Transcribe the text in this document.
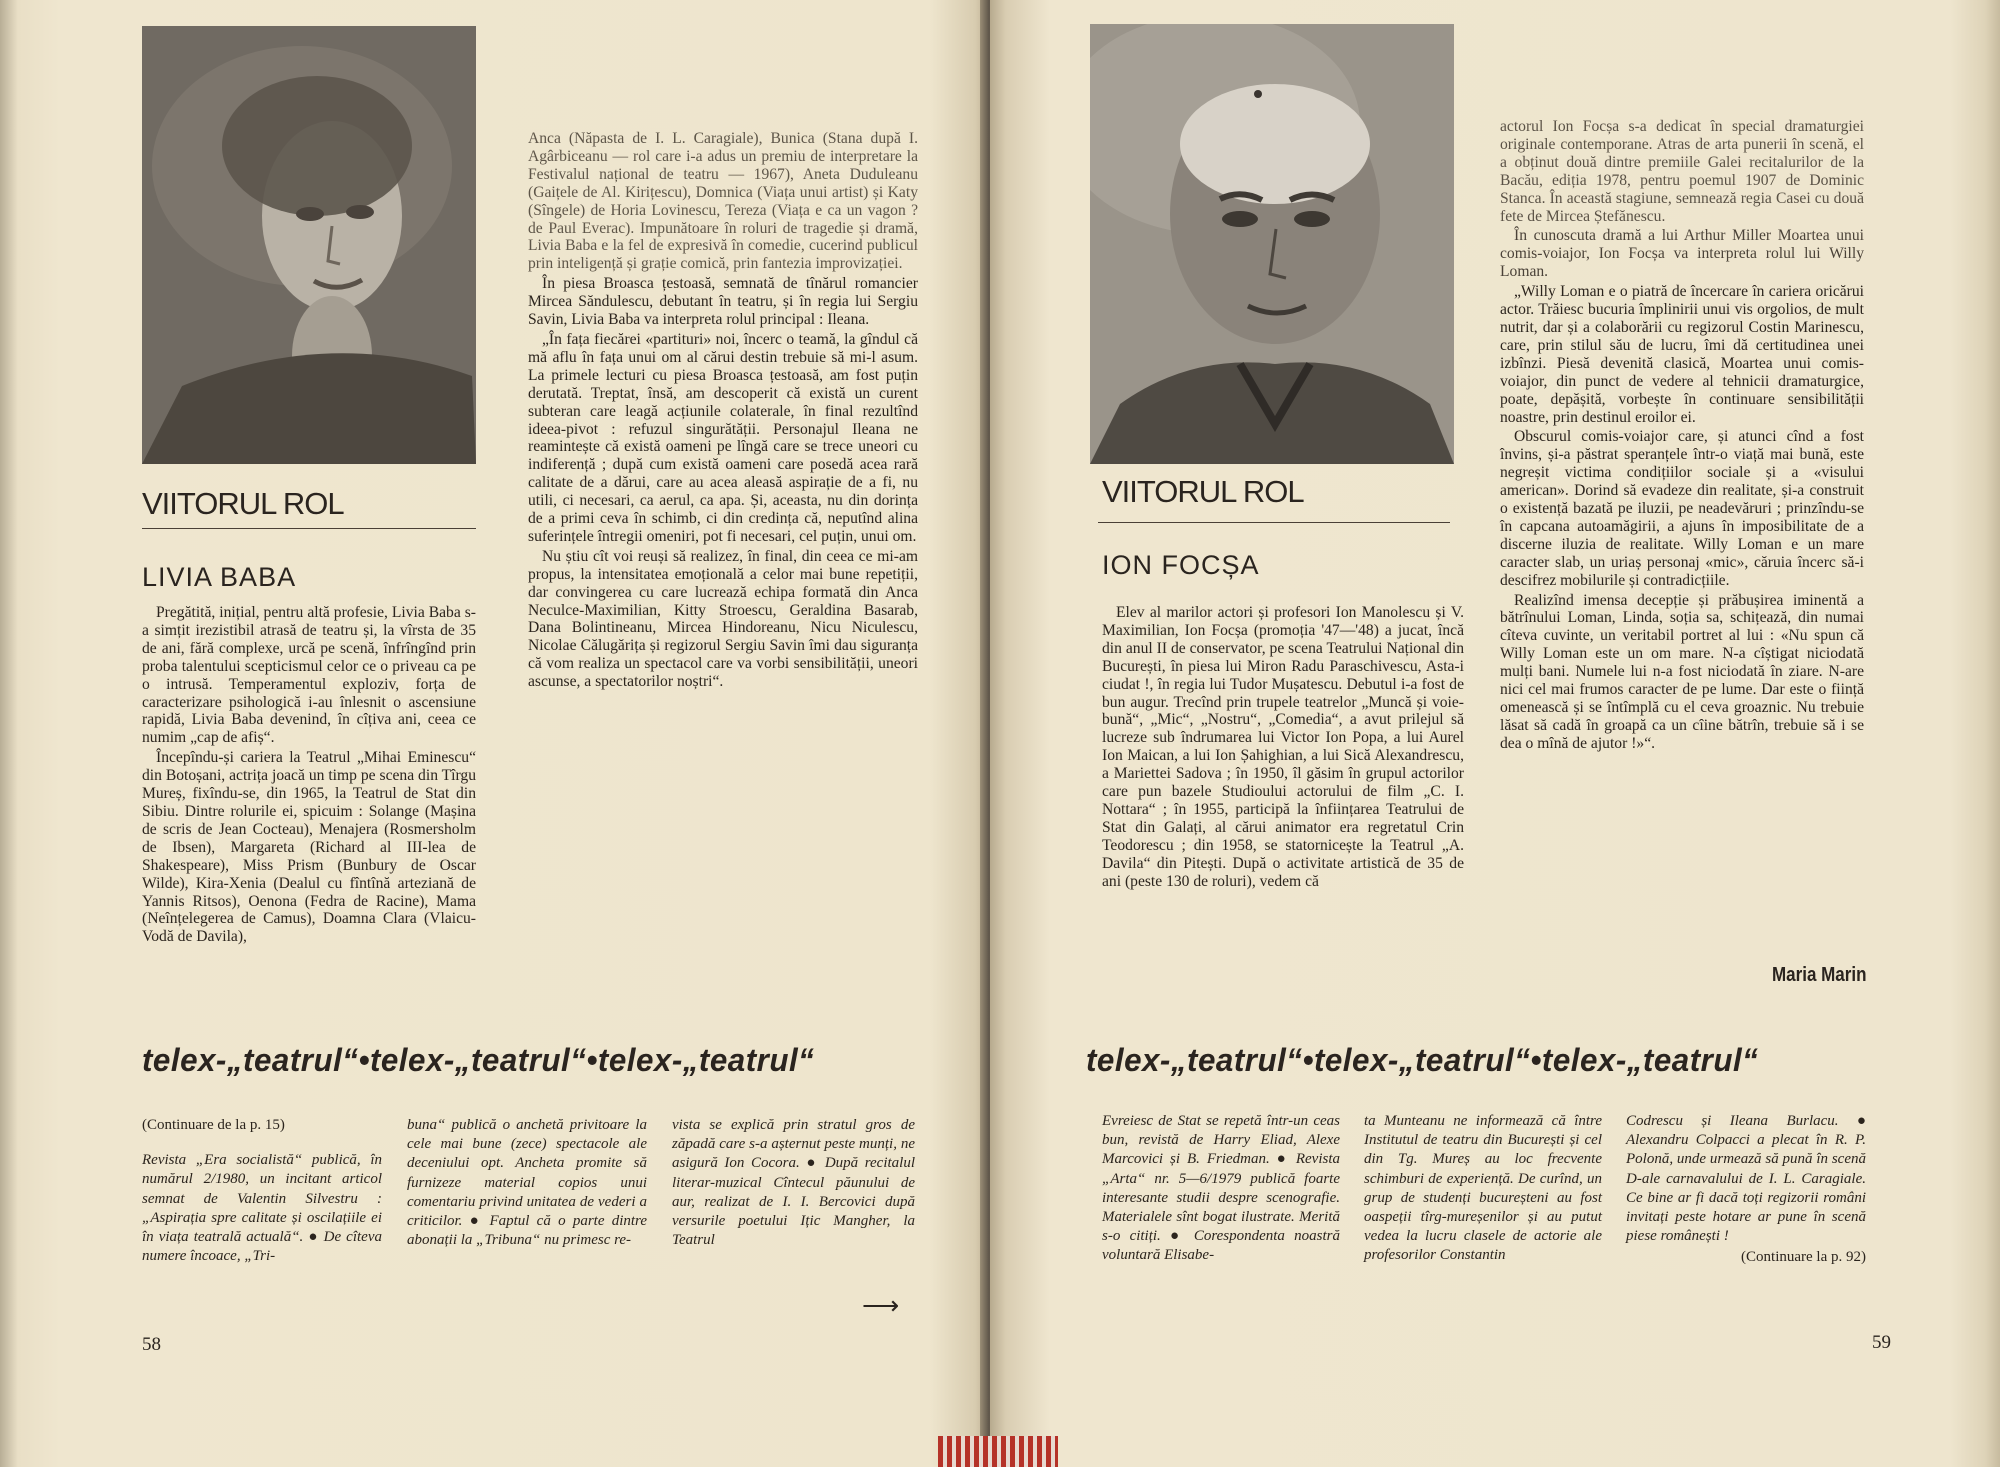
VIITORUL ROL
LIVIA BABA

Pregătită, inițial, pentru altă profesie, Livia Baba s-a simțit irezistibil atrasă de teatru și, la vîrsta de 35 de ani, fără complexe, urcă pe scenă, înfrîngînd prin proba talentului scepticismul celor ce o priveau ca pe o intrusă. Temperamentul exploziv, forța de caracterizare psihologică i-au înlesnit o ascensiune rapidă, Livia Baba devenind, în cîțiva ani, ceea ce numim „cap de afiș“.

Începîndu-și cariera la Teatrul „Mihai Eminescu“ din Botoșani, actrița joacă un timp pe scena din Tîrgu Mureș, fixîndu-se, din 1965, la Teatrul de Stat din Sibiu. Dintre rolurile ei, spicuim : Solange (Mașina de scris de Jean Cocteau), Menajera (Rosmersholm de Ibsen), Margareta (Richard al III-lea de Shakespeare), Miss Prism (Bunbury de Oscar Wilde), Kira-Xenia (Dealul cu fîntînă arteziană de Yannis Ritsos), Oenona (Fedra de Racine), Mama (Neînțelegerea de Camus), Doamna Clara (Vlaicu-Vodă de Davila),

Anca (Năpasta de I. L. Caragiale), Bunica (Stana după I. Agârbiceanu — rol care i-a adus un premiu de interpretare la Festivalul național de teatru — 1967), Aneta Duduleanu (Gaițele de Al. Kirițescu), Domnica (Viața unui artist) și Katy (Sîngele) de Horia Lovinescu, Tereza (Viața e ca un vagon ? de Paul Everac). Impunătoare în roluri de tragedie și dramă, Livia Baba e la fel de expresivă în comedie, cucerind publicul prin inteligență și grație comică, prin fantezia improvizației.

În piesa Broasca țestoasă, semnată de tînărul romancier Mircea Săndulescu, debutant în teatru, și în regia lui Sergiu Savin, Livia Baba va interpreta rolul principal : Ileana.

„În fața fiecărei «partituri» noi, încerc o teamă, la gîndul că mă aflu în fața unui om al cărui destin trebuie să mi-l asum. La primele lecturi cu piesa Broasca țestoasă, am fost puțin derutată. Treptat, însă, am descoperit că există un curent subteran care leagă acțiunile colaterale, în final rezultînd ideea-pivot : refuzul singurătății. Personajul Ileana ne reamintește că există oameni pe lîngă care se trece uneori cu indiferență ; după cum există oameni care posedă acea rară calitate de a dărui, care au acea aleasă aspirație de a fi, nu utili, ci necesari, ca aerul, ca apa. Și, aceasta, nu din dorința de a primi ceva în schimb, ci din credința că, neputînd alina suferințele întregii omeniri, pot fi necesari, cel puțin, unui om.

Nu știu cît voi reuși să realizez, în final, din ceea ce mi-am propus, la intensitatea emoțională a celor mai bune repetiții, dar convingerea cu care lucrează echipa formată din Anca Neculce-Maximilian, Kitty Stroescu, Geraldina Basarab, Dana Bolintineanu, Mircea Hindoreanu, Nicu Niculescu, Nicolae Călugărița și regizorul Sergiu Savin îmi dau siguranța că vom realiza un spectacol care va vorbi sensibilității, uneori ascunse, a spectatorilor noștri“.

telex-„teatrul“•telex-„teatrul“•telex-„teatrul“
(Continuare de la p. 15)
Revista „Era socialistă“ publică, în numărul 2/1980, un incitant articol semnat de Valentin Silvestru : „Aspirația spre calitate și oscilațiile ei în viața teatrală actuală“. ● De cîteva numere încoace, „Tri-
buna“ publică o anchetă privitoare la cele mai bune (zece) spectacole ale deceniului opt. Ancheta promite să furnizeze material copios unui comentariu privind unitatea de vederi a criticilor. ● Faptul că o parte dintre abonații la „Tribuna“ nu primesc re-
vista se explică prin stratul gros de zăpadă care s-a așternut peste munți, ne asigură Ion Cocora. ● După recitalul literar-muzical Cîntecul păunului de aur, realizat de I. I. Bercovici după versurile poetului Ițic Mangher, la Teatrul
⟶
58
VIITORUL ROL
ION FOCȘA

Elev al marilor actori și profesori Ion Manolescu și V. Maximilian, Ion Focșa (promoția '47—'48) a jucat, încă din anul II de conservator, pe scena Teatrului Național din București, în piesa lui Miron Radu Paraschivescu, Asta-i ciudat !, în regia lui Tudor Mușatescu. Debutul i-a fost de bun augur. Trecînd prin trupele teatrelor „Muncă și voie-bună“, „Mic“, „Nostru“, „Comedia“, a avut prilejul să lucreze sub îndrumarea lui Victor Ion Popa, a lui Aurel Ion Maican, a lui Ion Șahighian, a lui Sică Alexandrescu, a Mariettei Sadova ; în 1950, îl găsim în grupul actorilor care pun bazele Studioului actorului de film „C. I. Nottara“ ; în 1955, participă la înființarea Teatrului de Stat din Galați, al cărui animator era regretatul Crin Teodorescu ; din 1958, se statornicește la Teatrul „A. Davila“ din Pitești. După o activitate artistică de 35 de ani (peste 130 de roluri), vedem că

actorul Ion Focșa s-a dedicat în special dramaturgiei originale contemporane. Atras de arta punerii în scenă, el a obținut două dintre premiile Galei recitalurilor de la Bacău, ediția 1978, pentru poemul 1907 de Dominic Stanca. În această stagiune, semnează regia Casei cu două fete de Mircea Ștefănescu.

În cunoscuta dramă a lui Arthur Miller Moartea unui comis-voiajor, Ion Focșa va interpreta rolul lui Willy Loman.

„Willy Loman e o piatră de încercare în cariera oricărui actor. Trăiesc bucuria împlinirii unui vis orgolios, de mult nutrit, dar și a colaborării cu regizorul Costin Marinescu, care, prin stilul său de lucru, îmi dă certitudinea unei izbînzi. Piesă devenită clasică, Moartea unui comis-voiajor, din punct de vedere al tehnicii dramaturgice, poate, depășită, vorbește în continuare sensibilității noastre, prin destinul eroilor ei.

Obscurul comis-voiajor care, și atunci cînd a fost învins, și-a păstrat speranțele într-o viață mai bună, este negreșit victima condițiilor sociale și a «visului american». Dorind să evadeze din realitate, și-a construit o existență bazată pe iluzii, pe neadevăruri ; prinzîndu-se în capcana autoamăgirii, a ajuns în imposibilitate de a discerne iluzia de realitate. Willy Loman e un mare caracter slab, un uriaș personaj «mic», căruia încerc să-i descifrez mobilurile și contradicțiile.

Realizînd imensa decepție și prăbușirea iminentă a bătrînului Loman, Linda, soția sa, schițează, din numai cîteva cuvinte, un veritabil portret al lui : «Nu spun că Willy Loman este un om mare. N-a cîștigat niciodată mulți bani. Numele lui n-a fost niciodată în ziare. N-are nici cel mai frumos caracter de pe lume. Dar este o ființă omenească și se întîmplă cu el ceva groaznic. Nu trebuie lăsat să cadă în groapă ca un cîine bătrîn, trebuie să i se dea o mînă de ajutor !»“.

Maria Marin
telex-„teatrul“•telex-„teatrul“•telex-„teatrul“
Evreiesc de Stat se repetă într-un ceas bun, revistă de Harry Eliad, Alexe Marcovici și B. Friedman. ● Revista „Arta“ nr. 5—6/1979 publică foarte interesante studii despre scenografie. Materialele sînt bogat ilustrate. Merită s-o citiți. ● Corespondenta noastră voluntară Elisabe-
ta Munteanu ne informează că între Institutul de teatru din București și cel din Tg. Mureș au loc frecvente schimburi de experiență. De curînd, un grup de studenți bucureșteni au fost oaspeții tîrg-mureșenilor și au putut vedea la lucru clasele de actorie ale profesorilor Constantin
Codrescu și Ileana Burlacu. ● Alexandru Colpacci a plecat în R. P. Polonă, unde urmează să pună în scenă D-ale carnavalului de I. L. Caragiale. Ce bine ar fi dacă toți regizorii români invitați peste hotare ar pune în scenă piese românești !
(Continuare la p. 92)
59
